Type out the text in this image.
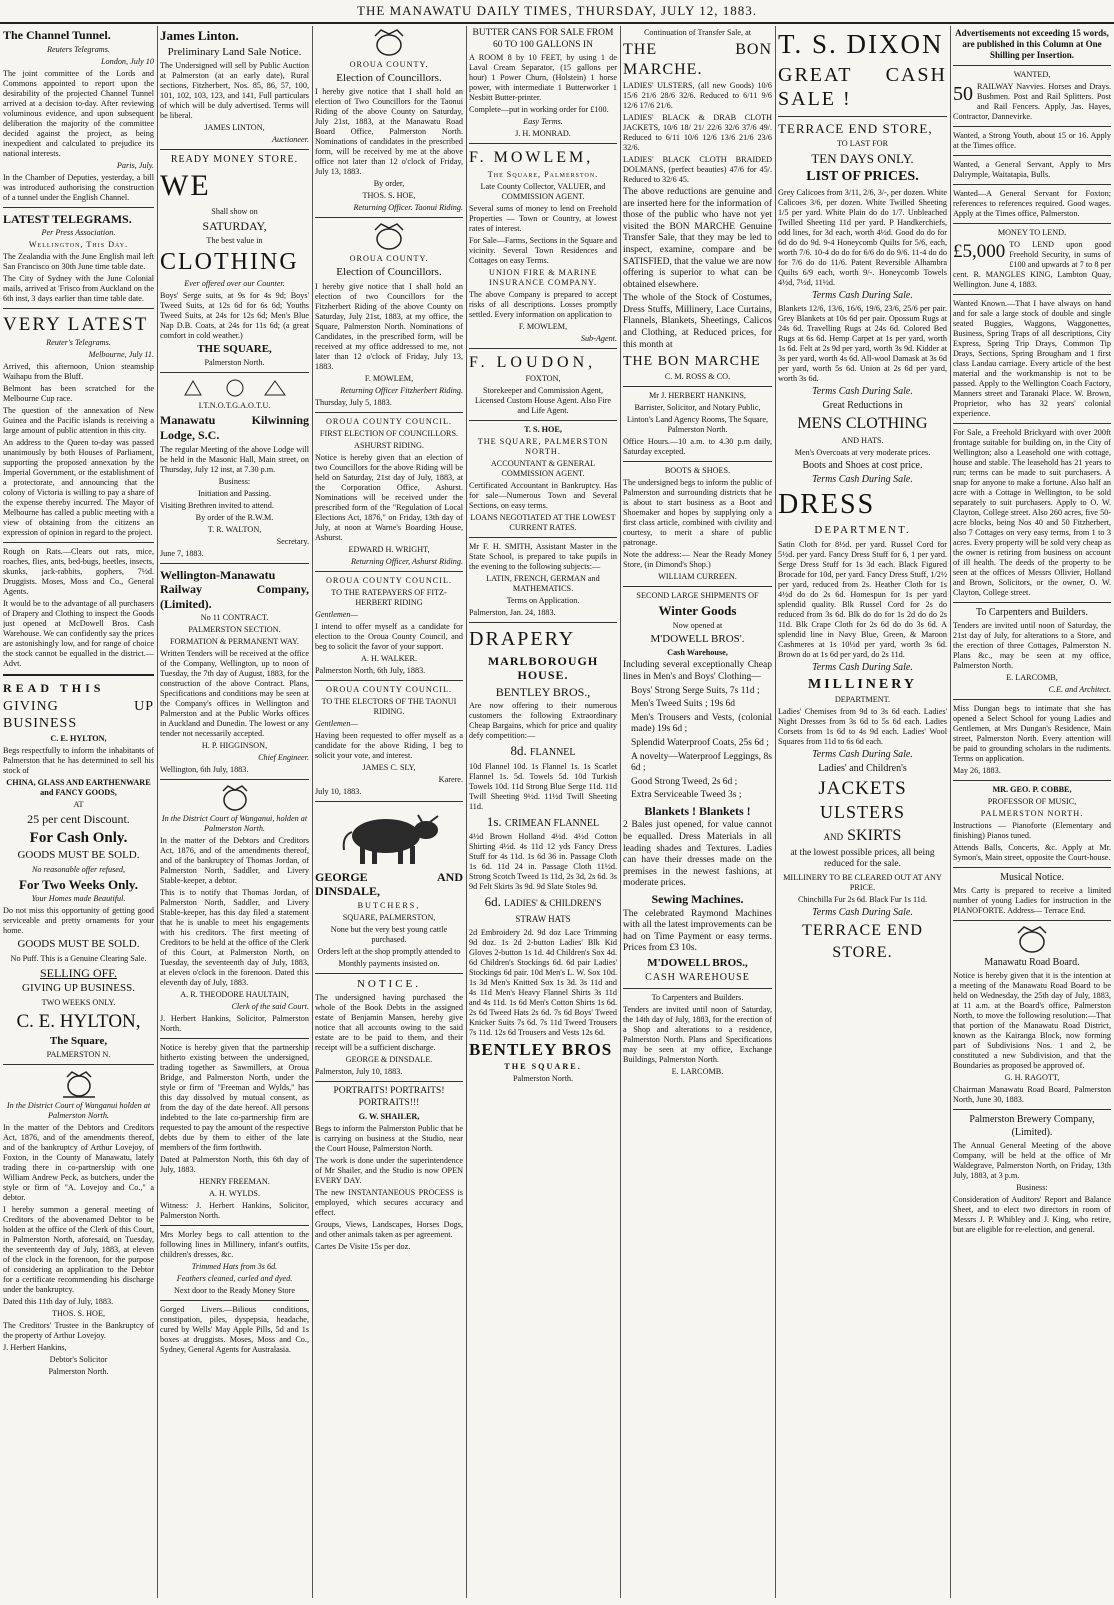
THE MANAWATU DAILY TIMES, THURSDAY, JULY 12, 1883.

The Channel Tunnel.

Reuters Telegrams.

London, July 10

The joint committee of the Lords and Commons appointed to report upon the desirability of the projected Channel Tunnel arrived at a decision to-day. After reviewing voluminous evidence, and upon subsequent deliberation the majority of the committee decided against the project, as being inexpedient and calculated to prejudice its national interests.

Paris, July.

In the Chamber of Deputies, yesterday, a bill was introduced authorising the construction of a tunnel under the English Channel.

LATEST TELEGRAMS.

Per Press Association.

Wellington, This Day.

The Zealandia with the June English mail left San Francisco on 30th June time table date.

The City of Sydney with the June Colonial mails, arrived at 'Frisco from Auckland on the 6th inst, 3 days earlier than time table date.

VERY LATEST

Reuter's Telegrams.

Melbourne, July 11.

Arrived, this afternoon, Union steamship Waihapu from the Bluff.

Belmont has been scratched for the Melbourne Cup race.

The question of the annexation of New Guinea and the Pacific islands is receiving a large amount of public attention in this city.

An address to the Queen to-day was passed unanimously by both Houses of Parliament, supporting the proposed annexation by the Imperial Government, or the establishment of a protectorate, and announcing that the colony of Victoria is willing to pay a share of the expense thereby incurred. The Mayor of Melbourne has called a public meeting with a view of obtaining from the citizens an expression of opinion in regard to the project.

Rough on Rats.—Clears out rats, mice, roaches, flies, ants, bed-bugs, beetles, insects, skunks, jack-rabbits, gophers, 7½d. Druggists. Moses, Moss and Co., General Agents.

It would be to the advantage of all purchasers of Drapery and Clothing to inspect the Goods just opened at McDowell Bros. Cash Warehouse. We can confidently say the prices are astonishingly low, and for range of choice the stock cannot be equalled in the district.—Advt.

READ THIS

GIVING UP BUSINESS

C. E. HYLTON,

Begs respectfully to inform the inhabitants of Palmerston that he has determined to sell his stock of

CHINA, GLASS AND EARTHENWARE and FANCY GOODS,

AT

25 per cent Discount.

For Cash Only.

GOODS MUST BE SOLD.

No reasonable offer refused,

For Two Weeks Only.

Your Homes made Beautiful.

Do not miss this opportunity of getting good serviceable and pretty ornaments for your home.

GOODS MUST BE SOLD.

No Puff. This is a Genuine Clearing Sale.

SELLING OFF.

GIVING UP BUSINESS.

TWO WEEKS ONLY.

C. E. HYLTON,

The Square,

PALMERSTON N.

In the District Court of Wanganui holden at Palmerston North.

In the matter of the Debtors and Creditors Act, 1876, and of the amendments thereof, and of the bankruptcy of Arthur Lovejoy, of Foxton, in the County of Manawatu, lately trading there in co-partnership with one William Andrew Peck, as butchers, under the style or firm of "A. Lovejoy and Co.," a debtor.

I hereby summon a general meeting of Creditors of the abovenamed Debtor to be holden at the office of the Clerk of this Court, in Palmerston North, aforesaid, on Tuesday, the seventeenth day of July, 1883, at eleven of the clock in the forenoon, for the purpose of considering an application to the Debtor for a certificate recommending his discharge under the bankruptcy.

Dated this 11th day of July, 1883.

THOS. S. HOE,

The Creditors' Trustee in the Bankruptcy of the property of Arthur Lovejoy.

J. Herbert Hankins,

Debtor's Solicitor

Palmerston North.

James Linton.

Preliminary Land Sale Notice.

The Undersigned will sell by Public Auction at Palmerston (at an early date), Rural sections, Fitzherbert, Nos. 85, 86, 57, 100, 101, 102, 103, 123, and 141, Full particulars of which will be duly advertised. Terms will be liberal.

JAMES LINTON,

Auctioneer.

READY MONEY STORE.

WE

Shall show on

SATURDAY,

The best value in

CLOTHING

Ever offered over our Counter.

Boys' Serge suits, at 9s for 4s 9d; Boys' Tweed Suits, at 12s 6d for 6s 6d; Youths Tweed Suits, at 24s for 12s 6d; Men's Blue Nap D.B. Coats, at 24s for 11s 6d; (a great comfort in cold weather.)

THE SQUARE,

Palmerston North.

I.T.N.O.T.G.A.O.T.U.

Manawatu Kilwinning Lodge, S.C.

The regular Meeting of the above Lodge will be held in the Masonic Hall, Main street, on Thursday, July 12 inst, at 7.30 p.m.

Business:

Initiation and Passing.

Visiting Brethren invited to attend.

By order of the R.W.M.

T. R. WALTON,

Secretary.

June 7, 1883.

Wellington-Manawatu Railway Company, (Limited).

No 11 CONTRACT.

PALMERSTON SECTION.

FORMATION & PERMANENT WAY.

Written Tenders will be received at the office of the Company, Wellington, up to noon of Tuesday, the 7th day of August, 1883, for the construction of the above Contract. Plans, Specifications and conditions may be seen at the Company's offices in Wellington and Palmerston and at the Public Works offices in Auckland and Dunedin. The lowest or any tender not necessarily accepted.

H. P. HIGGINSON,

Chief Engineer.

Wellington, 6th July, 1883.

In the District Court of Wanganui, holden at Palmerston North.

In the matter of the Debtors and Creditors Act, 1876, and of the amendments thereof, and of the bankruptcy of Thomas Jordan, of Palmerston North, Saddler, and Livery Stable-keeper, a debtor.

This is to notify that Thomas Jordan, of Palmerston North, Saddler, and Livery Stable-keeper, has this day filed a statement that he is unable to meet his engagements with his creditors. The first meeting of Creditors to be held at the office of the Clerk of this Court, at Palmerston North, on Tuesday, the seventeenth day of July, 1883, at eleven o'clock in the forenoon. Dated this eleventh day of July, 1883.

A. R. THEODORE HAULTAIN,

Clerk of the said Court.

J. Herbert Hankins, Solicitor, Palmerston North.

Notice is hereby given that the partnership hitherto existing between the undersigned, trading together as Sawmillers, at Oroua Bridge, and Palmerston North, under the style or firm of "Freeman and Wylds," has this day dissolved by mutual consent, as from the day of the date hereof. All persons indebted to the late co-partnership firm are requested to pay the amount of the respective debts due by them to either of the late members of the firm forthwith.

Dated at Palmerston North, this 6th day of July, 1883.

HENRY FREEMAN.

A. H. WYLDS.

Witness: J. Herbert Hankins, Solicitor, Palmerston North.

Mrs Morley begs to call attention to the following lines in Millinery, infant's outfits, children's dresses, &c.

Trimmed Hats from 3s 6d.

Feathers cleaned, curled and dyed.

Next door to the Ready Money Store

Gorged Livers.—Bilious conditions, constipation, piles, dyspepsia, headache, cured by Wells' May Apple Pills, 5d and 1s boxes at druggists. Moses, Moss and Co., Sydney, General Agents for Australasia.

OROUA COUNTY.

Election of Councillors.

I hereby give notice that I shall hold an election of Two Councillors for the Taonui Riding of the above County on Saturday, July 21st, 1883, at the Manawatu Road Board Office, Palmerston North. Nominations of candidates in the prescribed form, will be received by me at the above office not later than 12 o'clock of Friday, July 13, 1883.

By order,

THOS. S. HOE,

Returning Officer. Taonui Riding.

OROUA COUNTY.

Election of Councillors.

I hereby give notice that I shall hold an election of two Councillors for the Fitzherbert Riding of the above County on Saturday, July 21st, 1883, at my office, the Square, Palmerston North. Nominations of Candidates, in the prescribed form, will be received at my office addressed to me, not later than 12 o'clock of Friday, July 13, 1883.

F. MOWLEM,

Returning Officer Fitzherbert Riding.

Thursday, July 5, 1883.

OROUA COUNTY COUNCIL.

FIRST ELECTION OF COUNCILLORS.

ASHURST RIDING.

Notice is hereby given that an election of two Councillors for the above Riding will be held on Saturday, 21st day of July, 1883, at the Corporation Office, Ashurst. Nominations will be received under the prescribed form of the "Regulation of Local Elections Act, 1876," on Friday, 13th day of July, at noon at Warne's Boarding House, Ashurst.

EDWARD H. WRIGHT,

Returning Officer, Ashurst Riding.

OROUA COUNTY COUNCIL.

TO THE RATEPAYERS OF FITZ-HERBERT RIDING

Gentlemen—

I intend to offer myself as a candidate for election to the Oroua County Council, and beg to solicit the favor of your support.

A. H. WALKER.

Palmerston North, 6th July, 1883.

OROUA COUNTY COUNCIL.

TO THE ELECTORS OF THE TAONUI RIDING.

Gentlemen—

Having been requested to offer myself as a candidate for the above Riding, I beg to solicit your vote, and interest.

JAMES C. SLY,

Karere.

July 10, 1883.

GEORGE AND DINSDALE,

BUTCHERS,

SQUARE, PALMERSTON,

None but the very best young cattle purchased.

Orders left at the shop promptly attended to

Monthly payments insisted on.

NOTICE.

The undersigned having purchased the whole of the Book Debts in the assigned estate of Benjamin Mansen, hereby give notice that all accounts owing to the said estate are to be paid to them, and their receipt will be a sufficient discharge.

GEORGE & DINSDALE.

Palmerston, July 10, 1883.

PORTRAITS! PORTRAITS! PORTRAITS!!!

G. W. SHAILER,

Begs to inform the Palmerston Public that he is carrying on business at the Studio, near the Court House, Palmerston North.

The work is done under the superintendence of Mr Shailer, and the Studio is now OPEN EVERY DAY.

The new INSTANTANEOUS PROCESS is employed, which secures accuracy and effect.

Groups, Views, Landscapes, Horses Dogs, and other animals taken as per agreement.

Cartes De Visite 15s per doz.

BUTTER CANS FOR SALE FROM 60 TO 100 GALLONS IN

A ROOM 8 by 10 FEET, by using 1 de Laval Cream Separator, (15 gallons per hour) 1 Power Churn, (Holstein) 1 horse power, with intermediate 1 Butterworker 1 Nesbitt Butter-printer.

Complete—put in working order for £100.

Easy Terms.

J. H. MONRAD.

F. MOWLEM,

The Square, Palmerston.

Late County Collector, VALUER, and COMMISSION AGENT.

Several sums of money to lend on Freehold Properties — Town or Country, at lowest rates of interest.

For Sale—Farms, Sections in the Square and vicinity. Several Town Residences and Cottages on easy Terms.

UNION FIRE & MARINE INSURANCE COMPANY.

The above Company is prepared to accept risks of all descriptions. Losses promptly settled. Every information on application to

F. MOWLEM,

Sub-Agent.

F. LOUDON,

FOXTON,

Storekeeper and Commission Agent, Licensed Custom House Agent. Also Fire and Life Agent.

T. S. HOE,

THE SQUARE, PALMERSTON NORTH.

ACCOUNTANT & GENERAL COMMISSION AGENT.

Certificated Accountant in Bankruptcy. Has for sale—Numerous Town and Several Sections, on easy terms.

LOANS NEGOTIATED AT THE LOWEST CURRENT RATES.

Mr F. H. SMITH, Assistant Master in the State School, is prepared to take pupils in the evening to the following subjects:—

LATIN, FRENCH, GERMAN and MATHEMATICS.

Terms on Application.

Palmerston, Jan. 24, 1883.

DRAPERY

MARLBOROUGH HOUSE.

BENTLEY BROS.,

Are now offering to their numerous customers the following Extraordinary Cheap Bargains, which for price and quality defy competition:—

8d. FLANNEL

10d Flannel 10d. 1s Flannel 1s. 1s Scarlet Flannel 1s. 5d. Towels 5d. 10d Turkish Towels 10d. 11d Strong Blue Serge 11d. 11d Twill Sheeting 9½d. 11½d Twill Sheeting 11d.

1s. CRIMEAN FLANNEL

4½d Brown Holland 4½d. 4½d Cotton Shirting 4½d. 4s 11d 12 yds Fancy Dress Stuff for 4s 11d. 1s 6d 36 in. Passage Cloth 1s 6d. 11d 24 in. Passage Cloth 11½d. Strong Scotch Tweed 1s 11d, 2s 3d, 2s 6d. 3s 9d Felt Skirts 3s 9d. 9d Slate Stoles 9d.

6d. LADIES' & CHILDREN'S STRAW HATS

2d Embroidery 2d. 9d doz Lace Trimming 9d doz. 1s 2d 2-button Ladies' Blk Kid Gloves 2-button 1s 1d. 4d Children's Sox 4d. 6d Children's Stockings 6d. 6d pair Ladies' Stockings 6d pair. 10d Men's L. W. Sox 10d. 1s 3d Men's Knitted Sox 1s 3d. 3s 11d and 4s 11d Men's Heavy Flannel Shirts 3s 11d and 4s 11d. 1s 6d Men's Cotton Shirts 1s 6d. 2s 6d Tweed Hats 2s 6d. 7s 6d Boys' Tweed Knicker Suits 7s 6d. 7s 11d Tweed Trousers 7s 11d. 12s 6d Trousers and Vests 12s 6d.

BENTLEY BROS

THE SQUARE.

Palmerston North.

Continuation of Transfer Sale, at

THE BON MARCHE.

LADIES' ULSTERS, (all new Goods) 10/6 15/6 21/6 28/6 32/6. Reduced to 6/11 9/6 12/6 17/6 21/6.

LADIES' BLACK & DRAB CLOTH JACKETS, 10/6 18/ 21/ 22/6 32/6 37/6 49/. Reduced to 6/11 10/6 12/6 13/6 21/6 23/6 32/6.

LADIES' BLACK CLOTH BRAIDED DOLMANS, (perfect beauties) 47/6 for 45/. Reduced to 32/6 45.

The above reductions are genuine and are inserted here for the information of those of the public who have not yet visited the BON MARCHE Genuine Transfer Sale, that they may be led to inspect, examine, compare and be SATISFIED, that the value we are now offering is superior to what can be obtained elsewhere.

The whole of the Stock of Costumes, Dress Stuffs, Millinery, Lace Curtains, Flannels, Blankets, Sheetings, Calicos and Clothing, at Reduced prices, for this month at

THE BON MARCHE

C. M. ROSS & CO.

Mr J. HERBERT HANKINS,

Barrister, Solicitor, and Notary Public,

Linton's Land Agency Rooms, The Square, Palmerston North.

Office Hours.—10 a.m. to 4.30 p.m daily, Saturday excepted.

BOOTS & SHOES.

The undersigned begs to inform the public of Palmerston and surrounding districts that he is about to start business as a Boot and Shoemaker and hopes by supplying only a first class article, combined with civility and courtesy, to merit a share of public patronage.

Note the address:— Near the Ready Money Store, (in Dimond's Shop.)

WILLIAM CURREEN.

SECOND LARGE SHIPMENTS OF

Winter Goods

Now opened at

M'DOWELL BROS'.

Cash Warehouse,

Including several exceptionally Cheap lines in Men's and Boys' Clothing—

Boys' Strong Serge Suits, 7s 11d ;

Men's Tweed Suits ; 19s 6d

Men's Trousers and Vests, (colonial made) 19s 6d ;

Splendid Waterproof Coats, 25s 6d ;

A novelty—Waterproof Leggings, 8s 6d ;

Good Strong Tweed, 2s 6d ;

Extra Serviceable Tweed 3s ;

Blankets ! Blankets !

2 Bales just opened, for value cannot be equalled. Dress Materials in all leading shades and Textures. Ladies can have their dresses made on the premises in the newest fashions, at moderate prices.

Sewing Machines.

The celebrated Raymond Machines with all the latest improvements can be had on Time Payment or easy terms. Prices from £3 10s.

M'DOWELL BROS.,

CASH WAREHOUSE

To Carpenters and Builders.

Tenders are invited until noon of Saturday, the 14th day of July, 1883, for the erection of a Shop and alterations to a residence, Palmerston North. Plans and Specifications may be seen at my office, Exchange Buildings, Palmerston North.

E. LARCOMB.

T. S. DIXON

GREAT CASH SALE !

TERRACE END STORE,

TO LAST FOR

TEN DAYS ONLY.

LIST OF PRICES.

Grey Calicoes from 3/11, 2/6, 3/-, per dozen. White Calicoes 3/6, per dozen. White Twilled Sheeting 1/5 per yard. White Plain do do 1/7. Unbleached Twilled Sheeting 11d per yard. P Handkerchiefs, odd lines, for 3d each, worth 4½d. Good do do for 6d do do 9d. 9-4 Honeycomb Quilts for 5/6, each, worth 7/6. 10-4 do do for 6/6 do do 9/6. 11-4 do do for 7/6 do do 11/6. Patent Reversible Alhambra Quilts 6/9 each, worth 9/-. Honeycomb Towels 4½d, 7½d, 11½d.

Terms Cash During Sale.

Blankets 12/6, 13/6, 16/6, 19/6, 23/6, 25/6 per pair. Grey Blankets at 10s 6d per pair. Opossum Rugs at 24s 6d. Travelling Rugs at 24s 6d. Colored Bed Rugs at 6s 6d. Hemp Carpet at 1s per yard, worth 1s 6d. Felt at 2s 9d per yard, worth 3s 9d. Kidder at 3s per yard, worth 4s 6d. All-wool Damask at 3s 6d per yard, worth 5s 6d. Union at 2s 6d per yard, worth 3s 6d.

Terms Cash During Sale.

Great Reductions in

MENS CLOTHING

AND HATS.

Men's Overcoats at very moderate prices.

Boots and Shoes at cost price.

Terms Cash During Sale.

DRESS

DEPARTMENT.

Satin Cloth for 8½d. per yard. Russel Cord for 5½d. per yard. Fancy Dress Stuff for 6, 1 per yard. Serge Dress Stuff for 1s 3d each. Black Figured Brocade for 10d, per yard. Fancy Dress Stuff, 1/2½ per yard, reduced from 2s. Heather Cloth for 1s 4½d do do 2s 6d. Homespun for 1s per yard splendid quality. Blk Russel Cord for 2s do reduced from 3s 6d. Blk do do for 1s 2d do do 2s 11d. Blk Crape Cloth for 2s 6d do do 3s 6d. A splendid line in Navy Blue, Green, & Maroon Cashmeres at 1s 10½d per yard, worth 3s 6d. Brown do at 1s 6d per yard, do 2s 11d.

Terms Cash During Sale.

MILLINERY

DEPARTMENT.

Ladies' Chemises from 9d to 3s 6d each. Ladies' Night Dresses from 3s 6d to 5s 6d each. Ladies Corsets from 1s 6d to 4s 9d each. Ladies' Wool Squares from 11d to 6s 6d each.

Terms Cash During Sale.

Ladies' and Children's

JACKETS

ULSTERS

AND SKIRTS

at the lowest possible prices, all being reduced for the sale.

MILLINERY TO BE CLEARED OUT AT ANY PRICE.

Chinchilla Fur 2s 6d. Black Fur 1s 11d.

Terms Cash During Sale.

TERRACE END

STORE.

Advertisements not exceeding 15 words, are published in this Column at One Shilling per Insertion.

WANTED,

50 RAILWAY Navvies. Horses and Drays. Bushmen. Post and Rail Splitters. Post and Rail Fencers. Apply, Jas. Hayes, Contractor, Dannevirke.

Wanted, a Strong Youth, about 15 or 16. Apply at the Times office.

Wanted, a General Servant, Apply to Mrs Dalrymple, Waitatapia, Bulls.

Wanted—A General Servant for Foxton; references to references required. Good wages. Apply at the Times office, Palmerston.

MONEY TO LEND.

£5,000 TO LEND upon good Freehold Security, in sums of £100 and upwards at 7 to 8 per cent. R. MANGLES KING, Lambton Quay, Wellington. June 4, 1883.

Wanted Known.—That I have always on hand and for sale a large stock of double and single seated Buggies, Waggons, Waggonettes, Business, Spring Traps of all descriptions, City Express, Spring Trip Drays, Common Tip Drays, Sections, Spring Brougham and 1 first class Landau carriage. Every article of the best material and the workmanship is not to be passed. Apply to the Wellington Coach Factory, Manners street and Taranaki Place. W. Brown, Proprietor, who has 32 years' colonial experience.

For Sale, a Freehold Brickyard with over 200ft frontage suitable for building on, in the City of Wellington; also a Leasehold one with cottage, house and stable. The leasehold has 21 years to run; terms can be made to suit purchasers. A snap for anyone to make a fortune. Also half an acre with a Cottage in Wellington, to be sold separately to suit purchasers. Apply to O. W. Clayton, College street. Also 260 acres, five 50-acre blocks, being Nos 40 and 50 Fitzherbert, also 7 Cottages on very easy terms, from 1 to 3 acres. Every property will be sold very cheap as the owner is retiring from business on account of ill health. The deeds of the property to be seen at the offices of Messrs Ollivier, Holland and Brown, Solicitors, or the owner, O. W. Clayton, College street.

To Carpenters and Builders.

Tenders are invited until noon of Saturday, the 21st day of July, for alterations to a Store, and the erection of three Cottages, Palmerston N. Plans &c., may be seen at my office, Palmerston North.

E. LARCOMB,

C.E. and Architect.

Miss Dungan begs to intimate that she has opened a Select School for young Ladies and Gentlemen, at Mrs Dungan's Residence, Main street, Palmerston North. Every attention will be paid to grounding scholars in the rudiments. Terms on application.

May 26, 1883.

MR. GEO. P. COBBE,

PROFESSOR OF MUSIC,

PALMERSTON NORTH.

Instructions — Pianoforte (Elementary and finishing) Pianos tuned.

Attends Balls, Concerts, &c. Apply at Mr. Symon's, Main street, opposite the Court-house.

Musical Notice.

Mrs Carty is prepared to receive a limited number of young Ladies for instruction in the PIANOFORTE. Address— Terrace End.

Manawatu Road Board.

Notice is hereby given that it is the intention at a meeting of the Manawatu Road Board to be held on Wednesday, the 25th day of July, 1883, at 11 a.m. at the Board's office, Palmerston North, to move the following resolution:—That that portion of the Manawatu Road District, known as the Kairanga Block, now forming part of Subdivisions Nos. 1 and 2, be constituted a new Subdivision, and that the Boundaries as proposed be approved of.

G. H. RAGOTT,

Chairman Manawatu Road Board. Palmerston North, June 30, 1883.

Palmerston Brewery Company, (Limited).

The Annual General Meeting of the above Company, will be held at the office of Mr Waldegrave, Palmerston North, on Friday, 13th July, 1883, at 3 p.m.

Business:

Consideration of Auditors' Report and Balance Sheet, and to elect two directors in room of Messrs J. P. Whibley and J. King, who retire, but are eligible for re-election, and general.
